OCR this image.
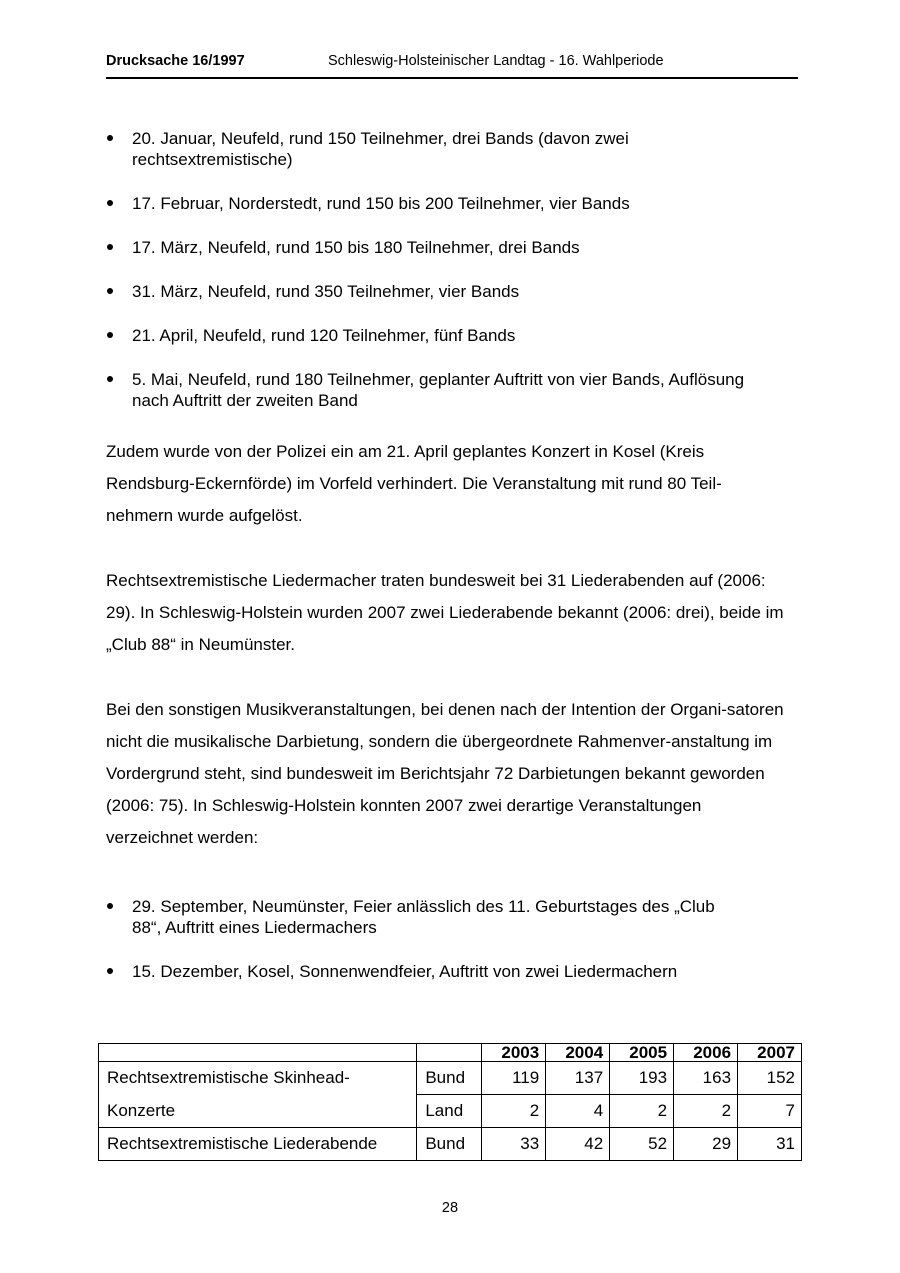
Drucksache 16/1997	Schleswig-Holsteinischer Landtag - 16. Wahlperiode
20. Januar, Neufeld, rund 150 Teilnehmer, drei Bands (davon zwei rechtsextremistische)
17. Februar, Norderstedt, rund 150 bis 200 Teilnehmer, vier Bands
17. März, Neufeld, rund 150 bis 180 Teilnehmer, drei Bands
31. März, Neufeld, rund 350 Teilnehmer, vier Bands
21. April, Neufeld, rund 120 Teilnehmer, fünf Bands
5. Mai, Neufeld, rund 180 Teilnehmer, geplanter Auftritt von vier Bands, Auflösung nach Auftritt der zweiten Band

Zudem wurde von der Polizei ein am 21. April geplantes Konzert in Kosel (Kreis Rendsburg-Eckernförde) im Vorfeld verhindert. Die Veranstaltung mit rund 80 Teil-nehmern wurde aufgelöst.

Rechtsextremistische Liedermacher traten bundesweit bei 31 Liederabenden auf (2006: 29). In Schleswig-Holstein wurden 2007 zwei Liederabende bekannt (2006: drei), beide im „Club 88“ in Neumünster.

Bei den sonstigen Musikveranstaltungen, bei denen nach der Intention der Organi-satoren nicht die musikalische Darbietung, sondern die übergeordnete Rahmenver-anstaltung im Vordergrund steht, sind bundesweit im Berichtsjahr 72 Darbietungen bekannt geworden (2006: 75). In Schleswig-Holstein konnten 2007 zwei derartige Veranstaltungen verzeichnet werden:

29. September, Neumünster, Feier anlässlich des 11. Geburtstages des „Club 88“, Auftritt eines Liedermachers
15. Dezember, Kosel, Sonnenwendfeier, Auftritt von zwei Liedermachern
		2003	2004	2005	2006	2007
Rechtsextremistische Skinhead-	Bund	119	137	193	163	152
Konzerte	Land	2	4	2	2	7
Rechtsextremistische Liederabende	Bund	33	42	52	29	31
28
